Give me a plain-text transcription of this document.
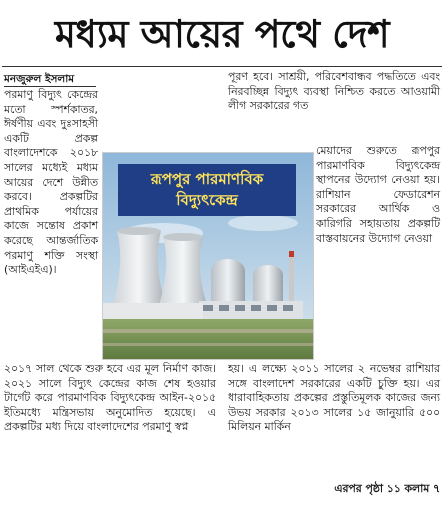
মধ্যম আয়ের পথে দেশ
মনজুরুল ইসলাম

পরমাণু বিদ্যুৎ কেন্দ্রের মতো স্পর্শকাতর, ঈর্ষণীয় এবং দুঃসাহসী একটি প্রকল্প বাংলাদেশকে ২০১৮ সালের মধ্যেই মধ্যম আয়ের দেশে উন্নীত করবে। প্রকল্পটির প্রাথমিক পর্যায়ের কাজে সন্তোষ প্রকাশ করেছে আন্তর্জাতিক পরমাণু শক্তি সংস্থা (আইএইএ)।

পূরণ হবে। সাশ্রয়ী, পরিবেশবান্ধব পদ্ধতিতে এবং নিরবচ্ছিন্ন বিদ্যুৎ ব্যবস্থা নিশ্চিত করতে আওয়ামী লীগ সরকারের গত

মেয়াদের শুরুতে রূপপুর পারমাণবিক বিদ্যুৎকেন্দ্র স্থাপনের উদ্যোগ নেওয়া হয়। রাশিয়ান ফেডারেশন সরকারের আর্থিক ও কারিগরি সহায়তায় প্রকল্পটি বাস্তবায়নের উদ্যোগ নেওয়া

রূপপুর পারমাণবিক
বিদ্যুৎকেন্দ্র

২০১৭ সাল থেকে শুরু হবে এর মূল নির্মাণ কাজ। ২০২১ সালে বিদ্যুৎ কেন্দ্রের কাজ শেষ হওয়ার টার্গেট করে পারমাণবিক বিদ্যুৎকেন্দ্র আইন-২০১৫ ইতিমধ্যে মন্ত্রিসভায় অনুমোদিত হয়েছে। এ প্রকল্পটির মধ্য দিয়ে বাংলাদেশের পরমাণু স্বপ্ন

হয়। এ লক্ষ্যে ২০১১ সালের ২ নভেম্বর রাশিয়ার সঙ্গে বাংলাদেশ সরকারের একটি চুক্তি হয়। এর ধারাবাহিকতায় প্রকল্পের প্রস্তুতিমূলক কাজের জন্য উভয় সরকার ২০১৩ সালের ১৫ জানুয়ারি ৫০০ মিলিয়ন মার্কিন

এরপর পৃষ্ঠা ১১ কলাম ৭
